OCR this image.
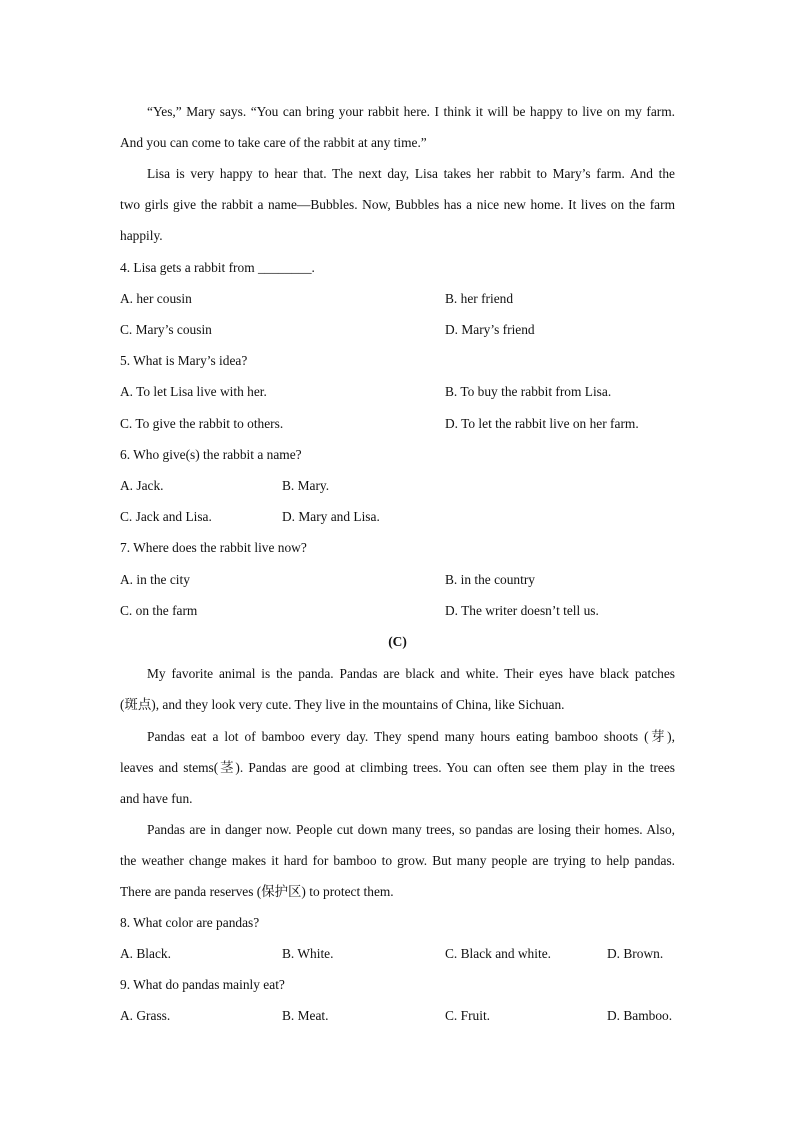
“Yes,” Mary says. “You can bring your rabbit here. I think it will be happy to live on my farm.

And you can come to take care of the rabbit at any time.”

Lisa is very happy to hear that. The next day, Lisa takes her rabbit to Mary’s farm. And the

two girls give the rabbit a name—Bubbles. Now, Bubbles has a nice new home. It lives on the farm

happily.

4. Lisa gets a rabbit from ________.
A. her cousin	B. her friend
C. Mary’s cousin	D. Mary’s friend
5. What is Mary’s idea?
A. To let Lisa live with her.	B. To buy the rabbit from Lisa.
C. To give the rabbit to others.	D. To let the rabbit live on her farm.
6. Who give(s) the rabbit a name?
A. Jack.	B. Mary.
C. Jack and Lisa.	D. Mary and Lisa.
7. Where does the rabbit live now?
A. in the city	B. in the country
C. on the farm	D. The writer doesn’t tell us.
(C)

My favorite animal is the panda. Pandas are black and white. Their eyes have black patches

(斑点), and they look very cute. They live in the mountains of China, like Sichuan.

Pandas eat a lot of bamboo every day. They spend many hours eating bamboo shoots (芽),

leaves and stems(茎). Pandas are good at climbing trees. You can often see them play in the trees

and have fun.

Pandas are in danger now. People cut down many trees, so pandas are losing their homes. Also,

the weather change makes it hard for bamboo to grow. But many people are trying to help pandas.

There are panda reserves (保护区) to protect them.

8. What color are pandas?
A. Black.	B. White.	C. Black and white.	D. Brown.
9. What do pandas mainly eat?
A. Grass.	B. Meat.	C. Fruit.	D. Bamboo.
